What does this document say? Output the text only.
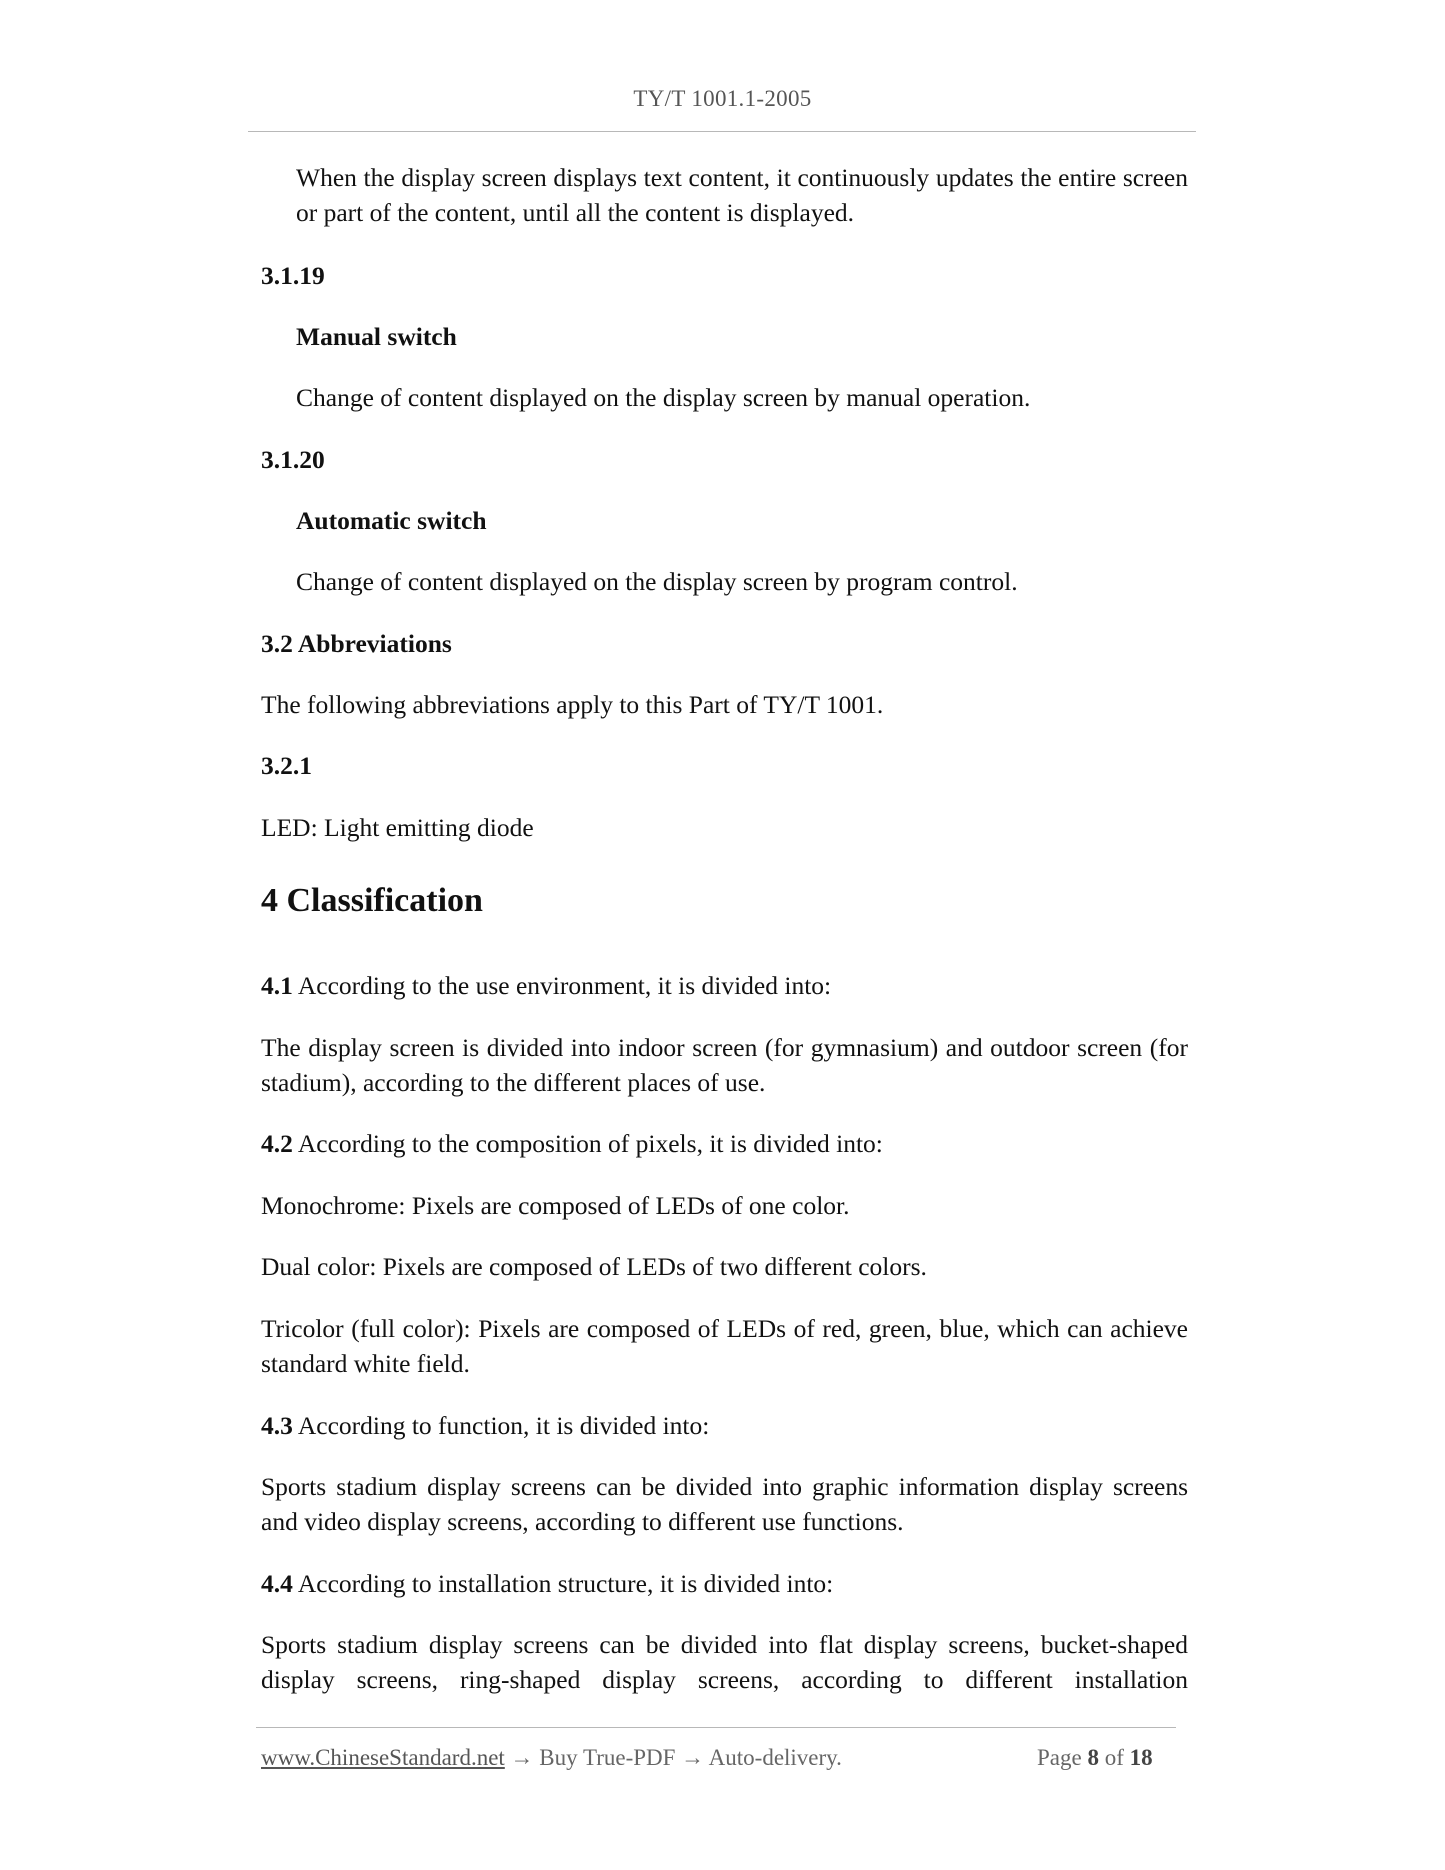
TY/T 1001.1-2005
When the display screen displays text content, it continuously updates the entire screen or part of the content, until all the content is displayed.
3.1.19
Manual switch
Change of content displayed on the display screen by manual operation.
3.1.20
Automatic switch
Change of content displayed on the display screen by program control.
3.2 Abbreviations
The following abbreviations apply to this Part of TY/T 1001.
3.2.1
LED: Light emitting diode
4 Classification
4.1 According to the use environment, it is divided into:
The display screen is divided into indoor screen (for gymnasium) and outdoor screen (for stadium), according to the different places of use.
4.2 According to the composition of pixels, it is divided into:
Monochrome: Pixels are composed of LEDs of one color.
Dual color: Pixels are composed of LEDs of two different colors.
Tricolor (full color): Pixels are composed of LEDs of red, green, blue, which can achieve standard white field.
4.3 According to function, it is divided into:
Sports stadium display screens can be divided into graphic information display screens and video display screens, according to different use functions.
4.4 According to installation structure, it is divided into:
Sports stadium display screens can be divided into flat display screens, bucket-shaped display screens, ring-shaped display screens, according to different installation
www.ChineseStandard.net → Buy True-PDF → Auto-delivery.	Page 8 of 18
